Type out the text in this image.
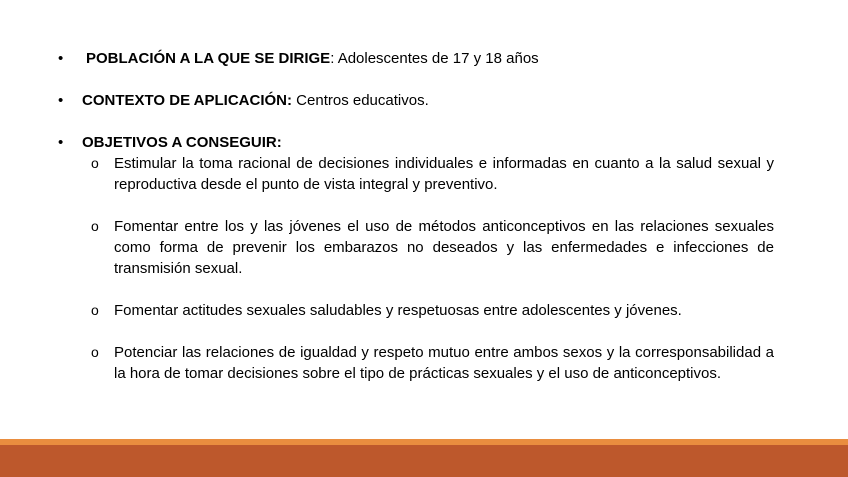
•	POBLACIÓN A LA QUE SE DIRIGE: Adolescentes de 17 y 18 años
•	CONTEXTO DE APLICACIÓN: Centros educativos.
•	OBJETIVOS A CONSEGUIR:
o Estimular la toma racional de decisiones individuales e informadas en cuanto a la salud sexual y reproductiva desde el punto de vista integral y preventivo.
o Fomentar entre los y las jóvenes el uso de métodos anticonceptivos en las relaciones sexuales como forma de prevenir los embarazos no deseados y las enfermedades e infecciones de transmisión sexual.
o Fomentar actitudes sexuales saludables y respetuosas entre adolescentes y jóvenes.
o Potenciar las relaciones de igualdad y respeto mutuo entre ambos sexos y la corresponsabilidad a la hora de tomar decisiones sobre el tipo de prácticas sexuales y el uso de anticonceptivos.
